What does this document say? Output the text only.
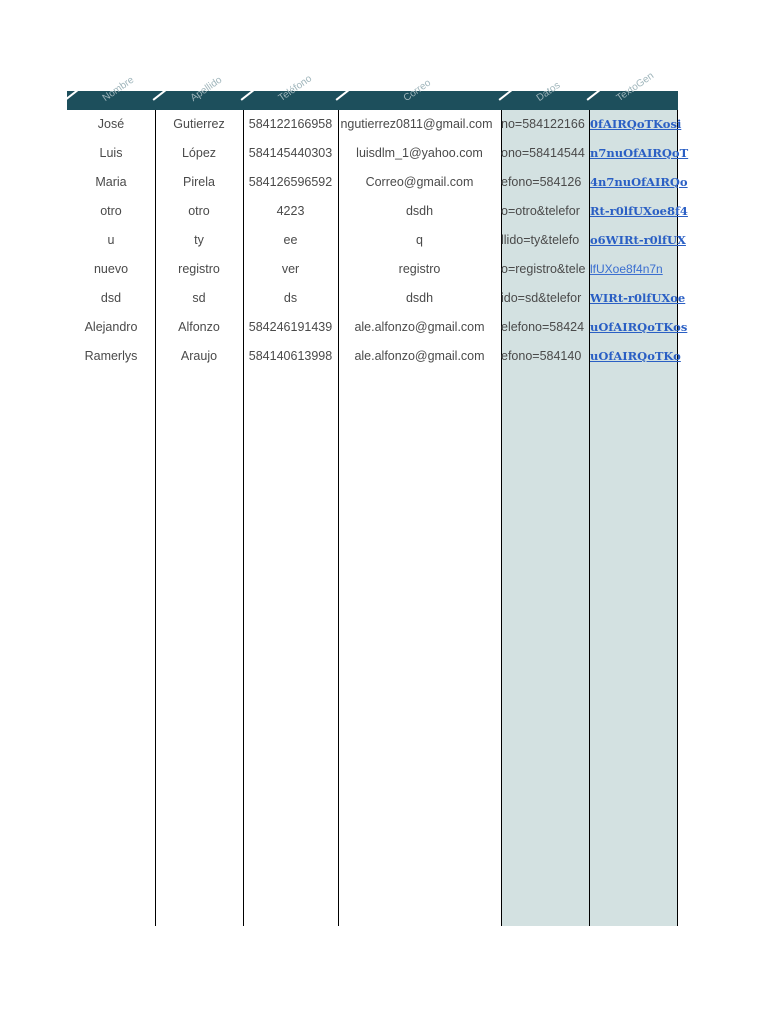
Nombre	Apellido	Teléfono	Correo	Datos	TextoGen
José	Gutierrez	584122166958 ngutierrez0811@gmail.com no=584122166 0fAIRQoTKosi
Luis	López	584145440303	luisdlm_1@yahoo.com	ono=58414544 n7nuOfAIRQoT
Maria	Pirela	584126596592	Correo@gmail.com	efono=584126 4n7nuOfAIRQo
otro	otro	4223	dsdh	o=otro&telefor Rt-r0lfUXoe8f4
u	ty	ee	q	llido=ty&telefo o6WIRt-r0lfUX
nuevo	registro	ver	registro	o=registro&tele lfUXoe8f4n7n
dsd	sd	ds	dsdh	ido=sd&telefor WIRt-r0lfUXoe
Alejandro	Alfonzo	584246191439	ale.alfonzo@gmail.com	elefono=58424 uOfAIRQoTKos
Ramerlys	Araujo	584140613998	ale.alfonzo@gmail.com	efono=584140 uOfAIRQoTKo
